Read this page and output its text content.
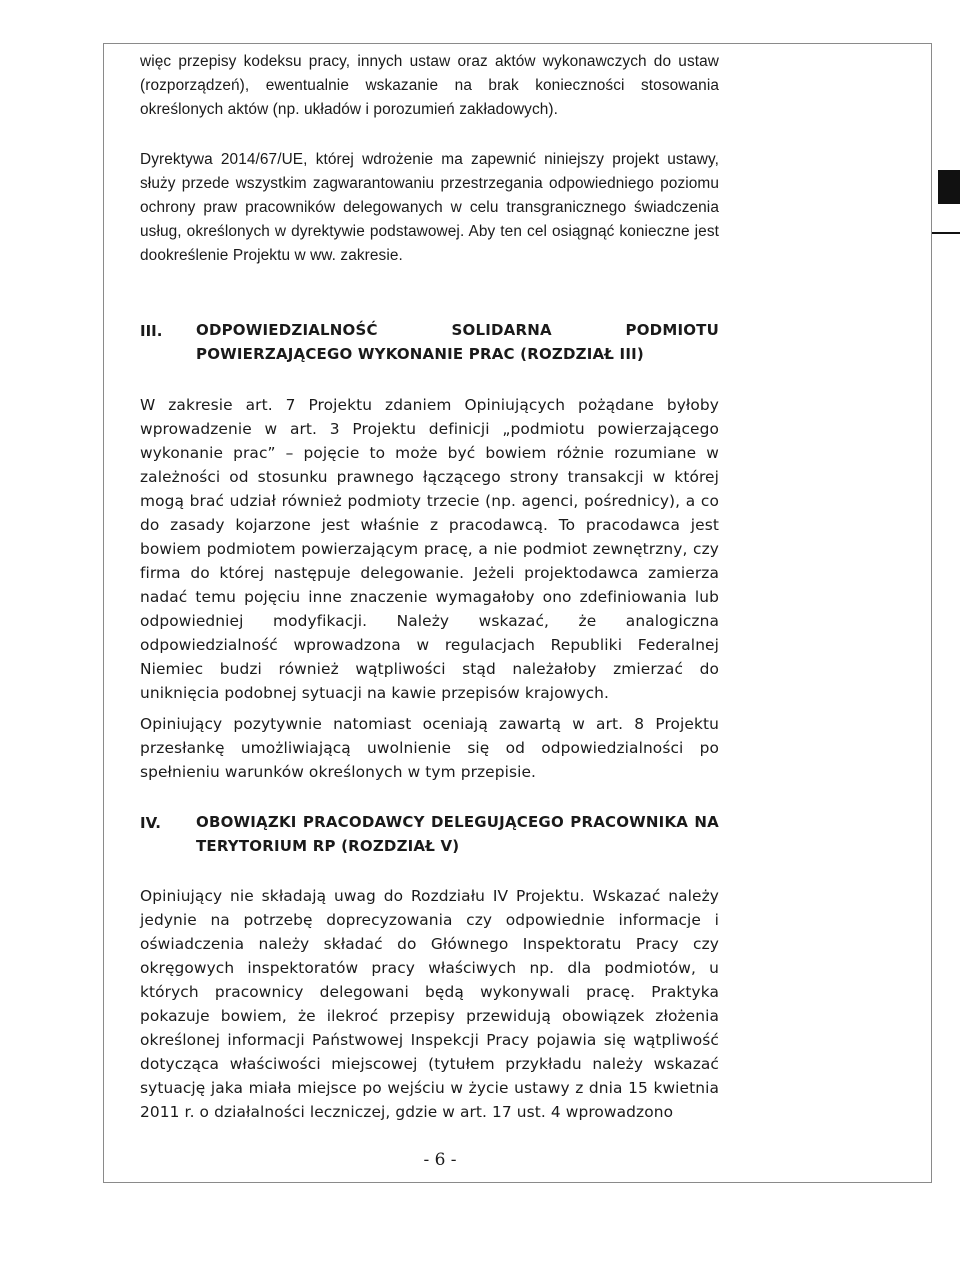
więc przepisy kodeksu pracy, innych ustaw oraz aktów wykonawczych do ustaw (rozporządzeń), ewentualnie wskazanie na brak konieczności stosowania określonych aktów (np. układów i porozumień zakładowych).
Dyrektywa 2014/67/UE, której wdrożenie ma zapewnić niniejszy projekt ustawy, służy przede wszystkim zagwarantowaniu przestrzegania odpowiedniego poziomu ochrony praw pracowników delegowanych w celu transgranicznego świadczenia usług, określonych w dyrektywie podstawowej. Aby ten cel osiągnąć konieczne jest dookreślenie Projektu w ww. zakresie.
III. ODPOWIEDZIALNOŚĆ SOLIDARNA PODMIOTU POWIERZAJĄCEGO WYKONANIE PRAC (ROZDZIAŁ III)
W zakresie art. 7 Projektu zdaniem Opiniujących pożądane byłoby wprowadzenie w art. 3 Projektu definicji „podmiotu powierzającego wykonanie prac” – pojęcie to może być bowiem różnie rozumiane w zależności od stosunku prawnego łączącego strony transakcji w której mogą brać udział również podmioty trzecie (np. agenci, pośrednicy), a co do zasady kojarzone jest właśnie z pracodawcą. To pracodawca jest bowiem podmiotem powierzającym pracę, a nie podmiot zewnętrzny, czy firma do której następuje delegowanie. Jeżeli projektodawca zamierza nadać temu pojęciu inne znaczenie wymagałoby ono zdefiniowania lub odpowiedniej modyfikacji. Należy wskazać, że analogiczna odpowiedzialność wprowadzona w regulacjach Republiki Federalnej Niemiec budzi również wątpliwości stąd należałoby zmierzać do uniknięcia podobnej sytuacji na kawie przepisów krajowych.
Opiniujący pozytywnie natomiast oceniają zawartą w art. 8 Projektu przesłankę umożliwiającą uwolnienie się od odpowiedzialności po spełnieniu warunków określonych w tym przepisie.
IV. OBOWIĄZKI PRACODAWCY DELEGUJĄCEGO PRACOWNIKA NA TERYTORIUM RP (ROZDZIAŁ V)
Opiniujący nie składają uwag do Rozdziału IV Projektu. Wskazać należy jedynie na potrzebę doprecyzowania czy odpowiednie informacje i oświadczenia należy składać do Głównego Inspektoratu Pracy czy okręgowych inspektoratów pracy właściwych np. dla podmiotów, u których pracownicy delegowani będą wykonywali pracę. Praktyka pokazuje bowiem, że ilekroć przepisy przewidują obowiązek złożenia określonej informacji Państwowej Inspekcji Pracy pojawia się wątpliwość dotycząca właściwości miejscowej (tytułem przykładu należy wskazać sytuację jaka miała miejsce po wejściu w życie ustawy z dnia 15 kwietnia 2011 r. o działalności leczniczej, gdzie w art. 17 ust. 4 wprowadzono
- 6 -
